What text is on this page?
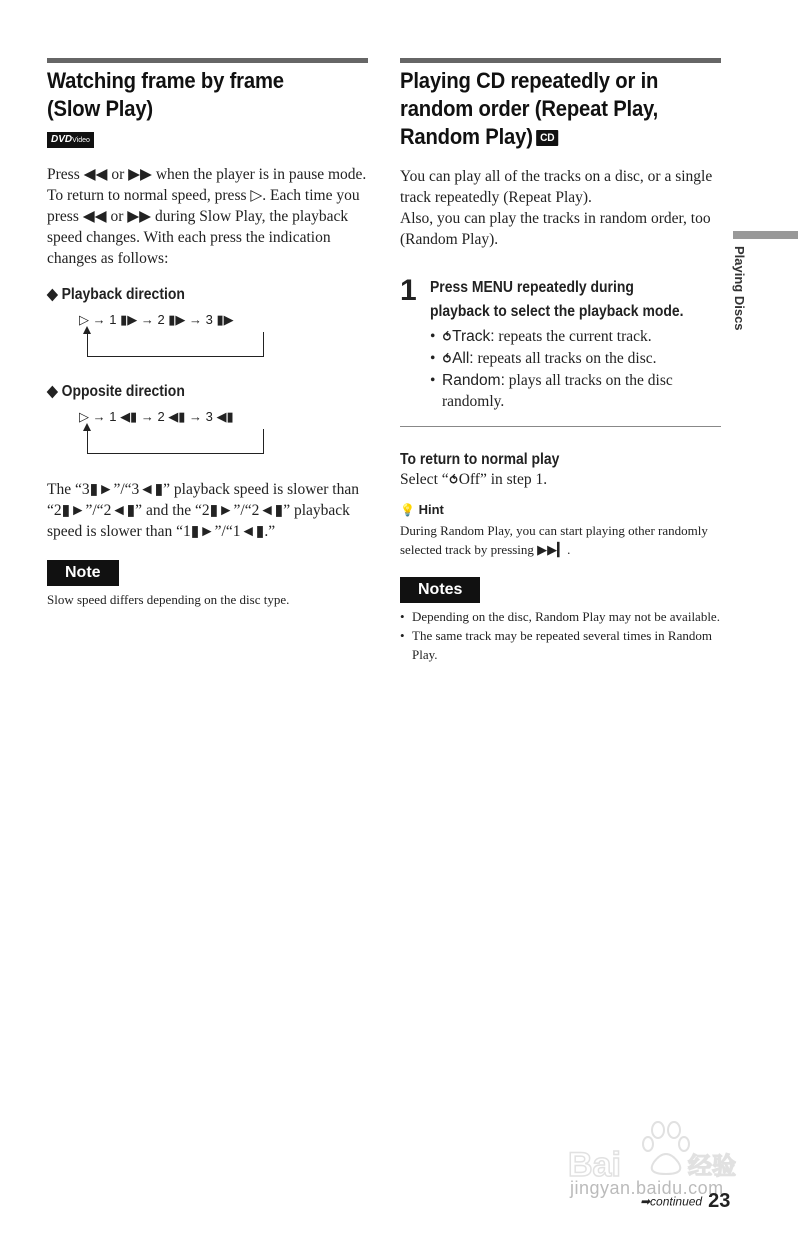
Watching frame by frame
(Slow Play)
DVDVideo

Press ◀◀ or ▶▶ when the player is in pause mode. To return to normal speed, press ▷. Each time you press ◀◀ or ▶▶ during Slow Play, the playback speed changes. With each press the indication changes as follows:

◆ Playback direction

▷ → 1 ▮▶ → 2 ▮▶ → 3 ▮▶

◆ Opposite direction

▷ → 1 ◀▮ → 2 ◀▮ → 3 ◀▮

The “3▮►”/“3◄▮” playback speed is slower than “2▮►”/“2◄▮” and the “2▮►”/“2◄▮” playback speed is slower than “1▮►”/“1◄▮.”

Note

Slow speed differs depending on the disc type.

Playing CD repeatedly or in
random order (Repeat Play,
Random Play) CD

You can play all of the tracks on a disc, or a single track repeatedly (Repeat Play).

Also, you can play the tracks in random order, too (Random Play).

1 Press MENU repeatedly during

playback to select the playback mode.

• ⥀Track: repeats the current track.
• ⥀All: repeats all tracks on the disc.
• Random: plays all tracks on the disc randomly.

To return to normal play

Select “⥀Off” in step 1.

💡 Hint

During Random Play, you can start playing other randomly selected track by pressing ▶▶▎.

Notes
• Depending on the disc, Random Play may not be available.
• The same track may be repeated several times in Random Play.
Playing Discs
Bai	经验
jingyan.baidu.com
➡continued 23
